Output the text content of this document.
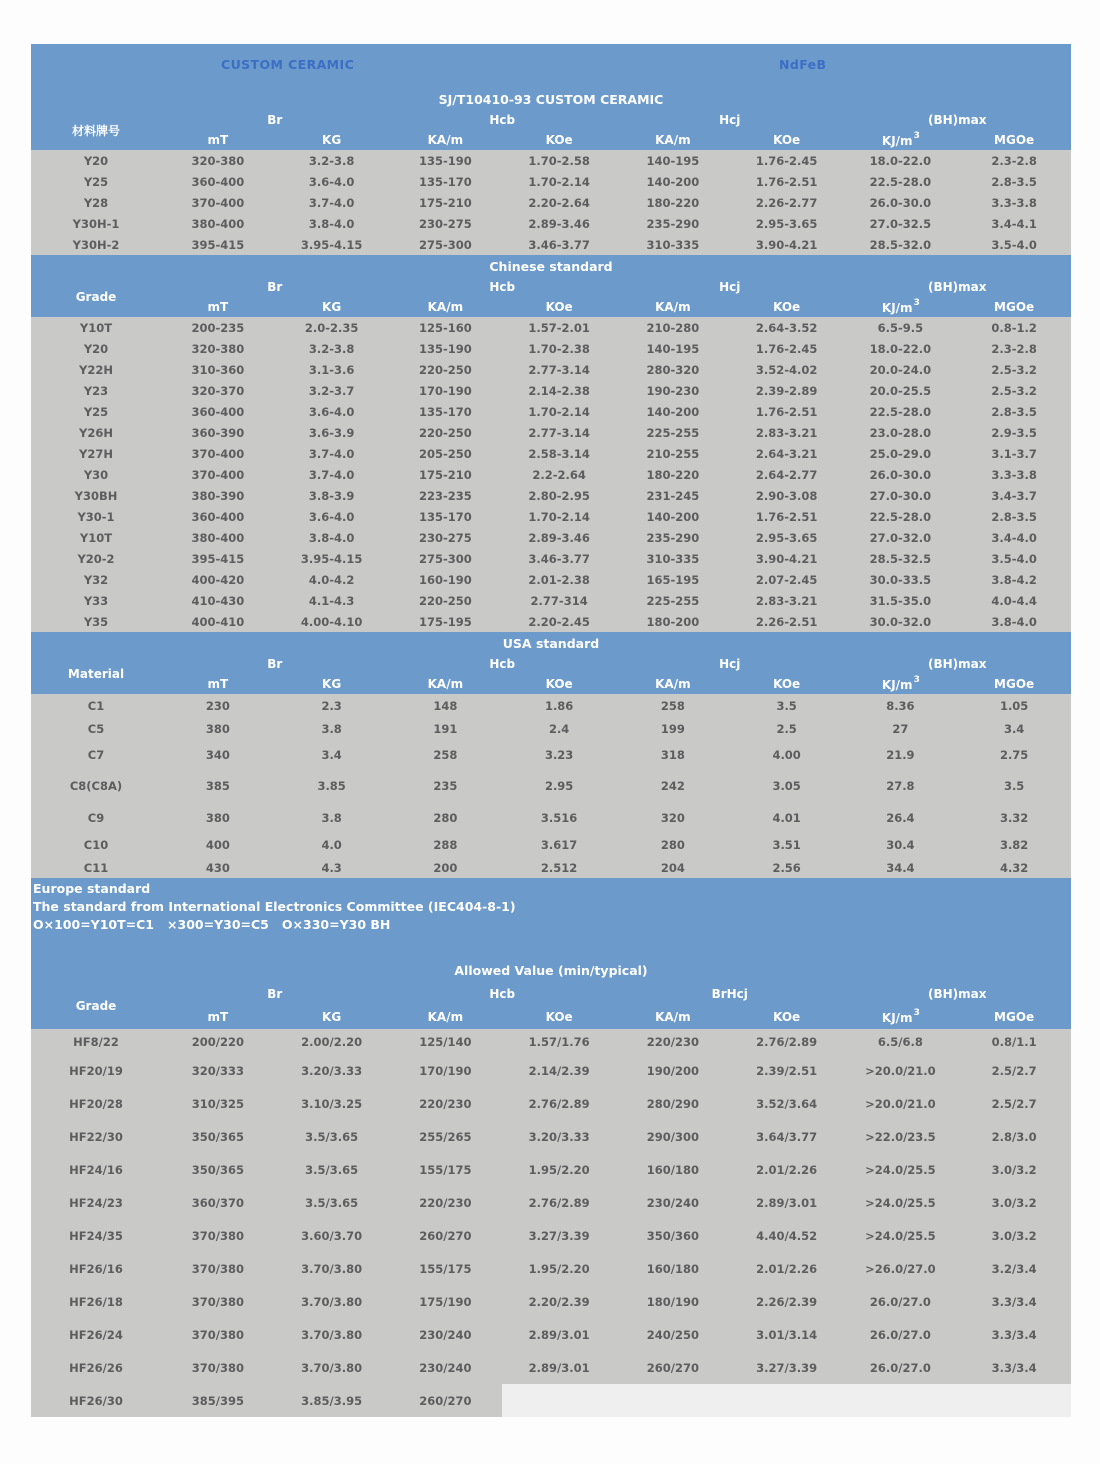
CUSTOM CERAMIC	NdFeB
SJ/T10410-93 CUSTOM CERAMIC								
材料牌号	Br		Hcb		Hcj		(BH)max	
	mT	KG	KA/m	KOe	KA/m	KOe	$KJ/m^3$	MGOe
Y20	320-380	3.2-3.8	135-190	1.70-2.58	140-195	1.76-2.45	18.0-22.0	2.3-2.8
Y25	360-400	3.6-4.0	135-170	1.70-2.14	140-200	1.76-2.51	22.5-28.0	2.8-3.5
Y28	370-400	3.7-4.0	175-210	2.20-2.64	180-220	2.26-2.77	26.0-30.0	3.3-3.8
Y30H-1	380-400	3.8-4.0	230-275	2.89-3.46	235-290	2.95-3.65	27.0-32.5	3.4-4.1
Y30H-2	395-415	3.95-4.15	275-300	3.46-3.77	310-335	3.90-4.21	28.5-32.0	3.5-4.0
Chinese standard								
Grade	Br		Hcb		Hcj		(BH)max	
	mT	KG	KA/m	KOe	KA/m	KOe	$KJ/m^3$	MGOe
Y10T	200-235	2.0-2.35	125-160	1.57-2.01	210-280	2.64-3.52	6.5-9.5	0.8-1.2
Y20	320-380	3.2-3.8	135-190	1.70-2.38	140-195	1.76-2.45	18.0-22.0	2.3-2.8
Y22H	310-360	3.1-3.6	220-250	2.77-3.14	280-320	3.52-4.02	20.0-24.0	2.5-3.2
Y23	320-370	3.2-3.7	170-190	2.14-2.38	190-230	2.39-2.89	20.0-25.5	2.5-3.2
Y25	360-400	3.6-4.0	135-170	1.70-2.14	140-200	1.76-2.51	22.5-28.0	2.8-3.5
Y26H	360-390	3.6-3.9	220-250	2.77-3.14	225-255	2.83-3.21	23.0-28.0	2.9-3.5
Y27H	370-400	3.7-4.0	205-250	2.58-3.14	210-255	2.64-3.21	25.0-29.0	3.1-3.7
Y30	370-400	3.7-4.0	175-210	2.2-2.64	180-220	2.64-2.77	26.0-30.0	3.3-3.8
Y30BH	380-390	3.8-3.9	223-235	2.80-2.95	231-245	2.90-3.08	27.0-30.0	3.4-3.7
Y30-1	360-400	3.6-4.0	135-170	1.70-2.14	140-200	1.76-2.51	22.5-28.0	2.8-3.5
Y10T	380-400	3.8-4.0	230-275	2.89-3.46	235-290	2.95-3.65	27.0-32.0	3.4-4.0
Y20-2	395-415	3.95-4.15	275-300	3.46-3.77	310-335	3.90-4.21	28.5-32.5	3.5-4.0
Y32	400-420	4.0-4.2	160-190	2.01-2.38	165-195	2.07-2.45	30.0-33.5	3.8-4.2
Y33	410-430	4.1-4.3	220-250	2.77-314	225-255	2.83-3.21	31.5-35.0	4.0-4.4
Y35	400-410	4.00-4.10	175-195	2.20-2.45	180-200	2.26-2.51	30.0-32.0	3.8-4.0
USA standard								
Material	Br		Hcb		Hcj		(BH)max	
	mT	KG	KA/m	KOe	KA/m	KOe	$KJ/m^3$	MGOe
C1	230	2.3	148	1.86	258	3.5	8.36	1.05
C5	380	3.8	191	2.4	199	2.5	27	3.4
C7	340	3.4	258	3.23	318	4.00	21.9	2.75
C8(C8A)	385	3.85	235	2.95	242	3.05	27.8	3.5
C9	380	3.8	280	3.516	320	4.01	26.4	3.32
C10	400	4.0	288	3.617	280	3.51	30.4	3.82
C11	430	4.3	200	2.512	204	2.56	34.4	4.32
Europe standard
The standard from International Electronics Committee (IEC404-8-1)
O×100=Y10T=C1   ×300=Y30=C5   O×330=Y30 BH
Allowed Value (min/typical)								
Grade	Br		Hcb		BrHcj		(BH)max	
	mT	KG	KA/m	KOe	KA/m	KOe	$KJ/m^3$	MGOe
HF8/22	200/220	2.00/2.20	125/140	1.57/1.76	220/230	2.76/2.89	6.5/6.8	0.8/1.1
HF20/19	320/333	3.20/3.33	170/190	2.14/2.39	190/200	2.39/2.51	>20.0/21.0	2.5/2.7
HF20/28	310/325	3.10/3.25	220/230	2.76/2.89	280/290	3.52/3.64	>20.0/21.0	2.5/2.7
HF22/30	350/365	3.5/3.65	255/265	3.20/3.33	290/300	3.64/3.77	>22.0/23.5	2.8/3.0
HF24/16	350/365	3.5/3.65	155/175	1.95/2.20	160/180	2.01/2.26	>24.0/25.5	3.0/3.2
HF24/23	360/370	3.5/3.65	220/230	2.76/2.89	230/240	2.89/3.01	>24.0/25.5	3.0/3.2
HF24/35	370/380	3.60/3.70	260/270	3.27/3.39	350/360	4.40/4.52	>24.0/25.5	3.0/3.2
HF26/16	370/380	3.70/3.80	155/175	1.95/2.20	160/180	2.01/2.26	>26.0/27.0	3.2/3.4
HF26/18	370/380	3.70/3.80	175/190	2.20/2.39	180/190	2.26/2.39	26.0/27.0	3.3/3.4
HF26/24	370/380	3.70/3.80	230/240	2.89/3.01	240/250	3.01/3.14	26.0/27.0	3.3/3.4
HF26/26	370/380	3.70/3.80	230/240	2.89/3.01	260/270	3.27/3.39	26.0/27.0	3.3/3.4
HF26/30	385/395	3.85/3.95	260/270					
